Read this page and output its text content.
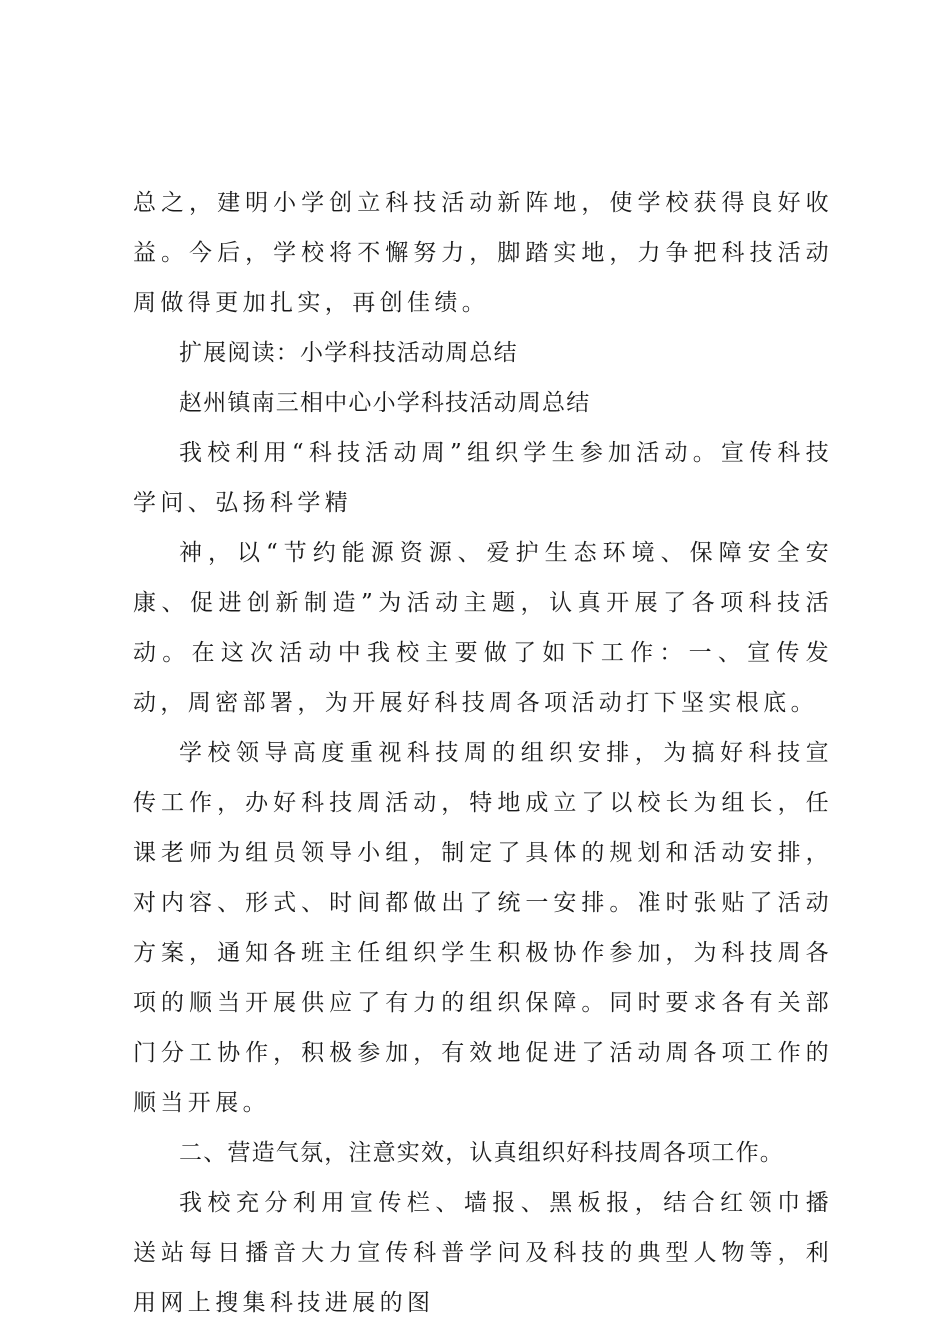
总之，建明小学创立科技活动新阵地，使学校获得良好收益。今后，学校将不懈努力，脚踏实地，力争把科技活动周做得更加扎实，再创佳绩。

扩展阅读：小学科技活动周总结

赵州镇南三相中心小学科技活动周总结

我校利用“科技活动周”组织学生参加活动。宣传科技学问、弘扬科学精

神，以“节约能源资源、爱护生态环境、保障安全安康、促进创新制造”为活动主题，认真开展了各项科技活动。在这次活动中我校主要做了如下工作：一、宣传发动，周密部署，为开展好科技周各项活动打下坚实根底。

学校领导高度重视科技周的组织安排，为搞好科技宣传工作，办好科技周活动，特地成立了以校长为组长，任课老师为组员领导小组，制定了具体的规划和活动安排，对内容、形式、时间都做出了统一安排。准时张贴了活动方案，通知各班主任组织学生积极协作参加，为科技周各项的顺当开展供应了有力的组织保障。同时要求各有关部门分工协作，积极参加，有效地促进了活动周各项工作的顺当开展。

二、营造气氛，注意实效，认真组织好科技周各项工作。

我校充分利用宣传栏、墙报、黑板报，结合红领巾播送站每日播音大力宣传科普学问及科技的典型人物等，利用网上搜集科技进展的图
